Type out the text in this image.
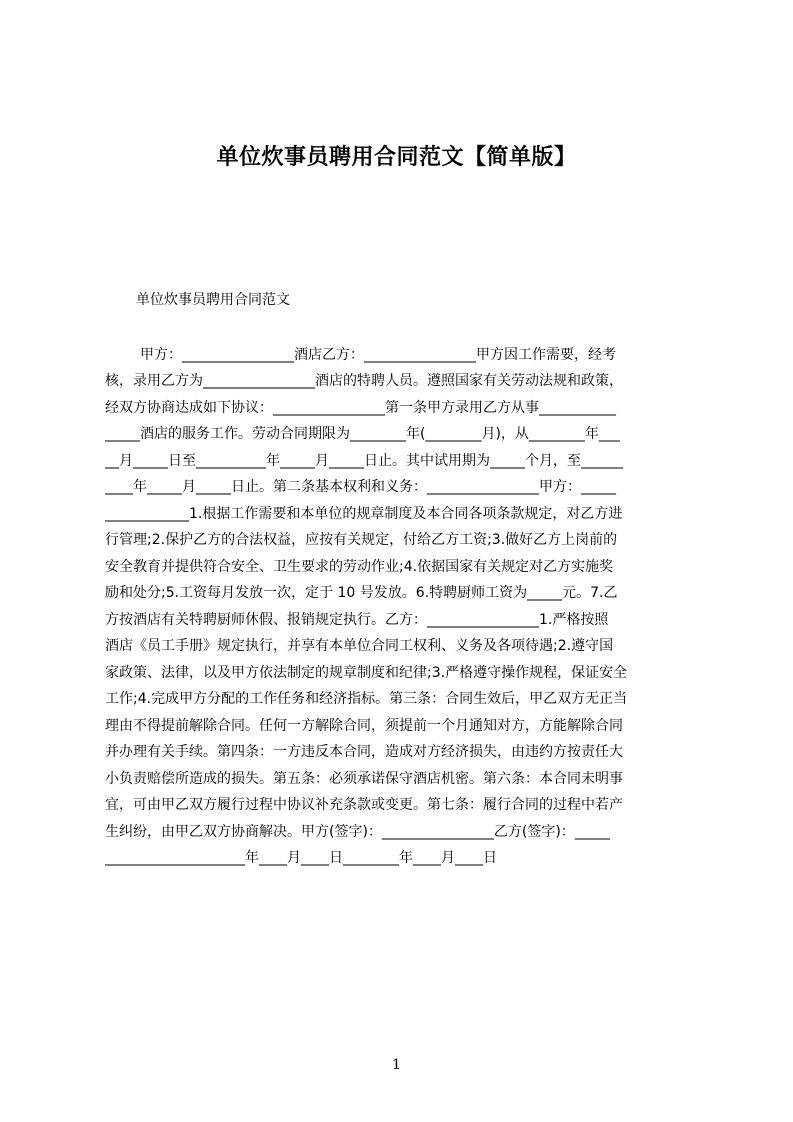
单位炊事员聘用合同范文【简单版】

单位炊事员聘用合同范文

甲方：________________酒店乙方：________________甲方因工作需要，经考

核，录用乙方为________________酒店的特聘人员。遵照国家有关劳动法规和政策，

经双方协商达成如下协议：________________第一条甲方录用乙方从事___________

_____酒店的服务工作。劳动合同期限为________年(________月)，从________年___

__月_____日至__________年_____月_____日止。其中试用期为_____个月，至______

____年_____月_____日止。第二条基本权利和义务：________________甲方：_____

____________1.根据工作需要和本单位的规章制度及本合同各项条款规定，对乙方进

行管理;2.保护乙方的合法权益，应按有关规定，付给乙方工资;3.做好乙方上岗前的

安全教育并提供符合安全、卫生要求的劳动作业;4.依据国家有关规定对乙方实施奖

励和处分;5.工资每月发放一次，定于 10 号发放。6.特聘厨师工资为_____元。7.乙

方按酒店有关特聘厨师休假、报销规定执行。乙方：________________1.严格按照

酒店《员工手册》规定执行，并享有本单位合同工权利、义务及各项待遇;2.遵守国

家政策、法律，以及甲方依法制定的规章制度和纪律;3.严格遵守操作规程，保证安全

工作;4.完成甲方分配的工作任务和经济指标。第三条：合同生效后，甲乙双方无正当

理由不得提前解除合同。任何一方解除合同，须提前一个月通知对方，方能解除合同

并办理有关手续。第四条：一方违反本合同，造成对方经济损失，由违约方按责任大

小负责赔偿所造成的损失。第五条：必须承诺保守酒店机密。第六条：本合同未明事

宜，可由甲乙双方履行过程中协议补充条款或变更。第七条：履行合同的过程中若产

生纠纷，由甲乙双方协商解决。甲方(签字)：________________乙方(签字)：_____

____________________年____月____日________年____月____日

1
